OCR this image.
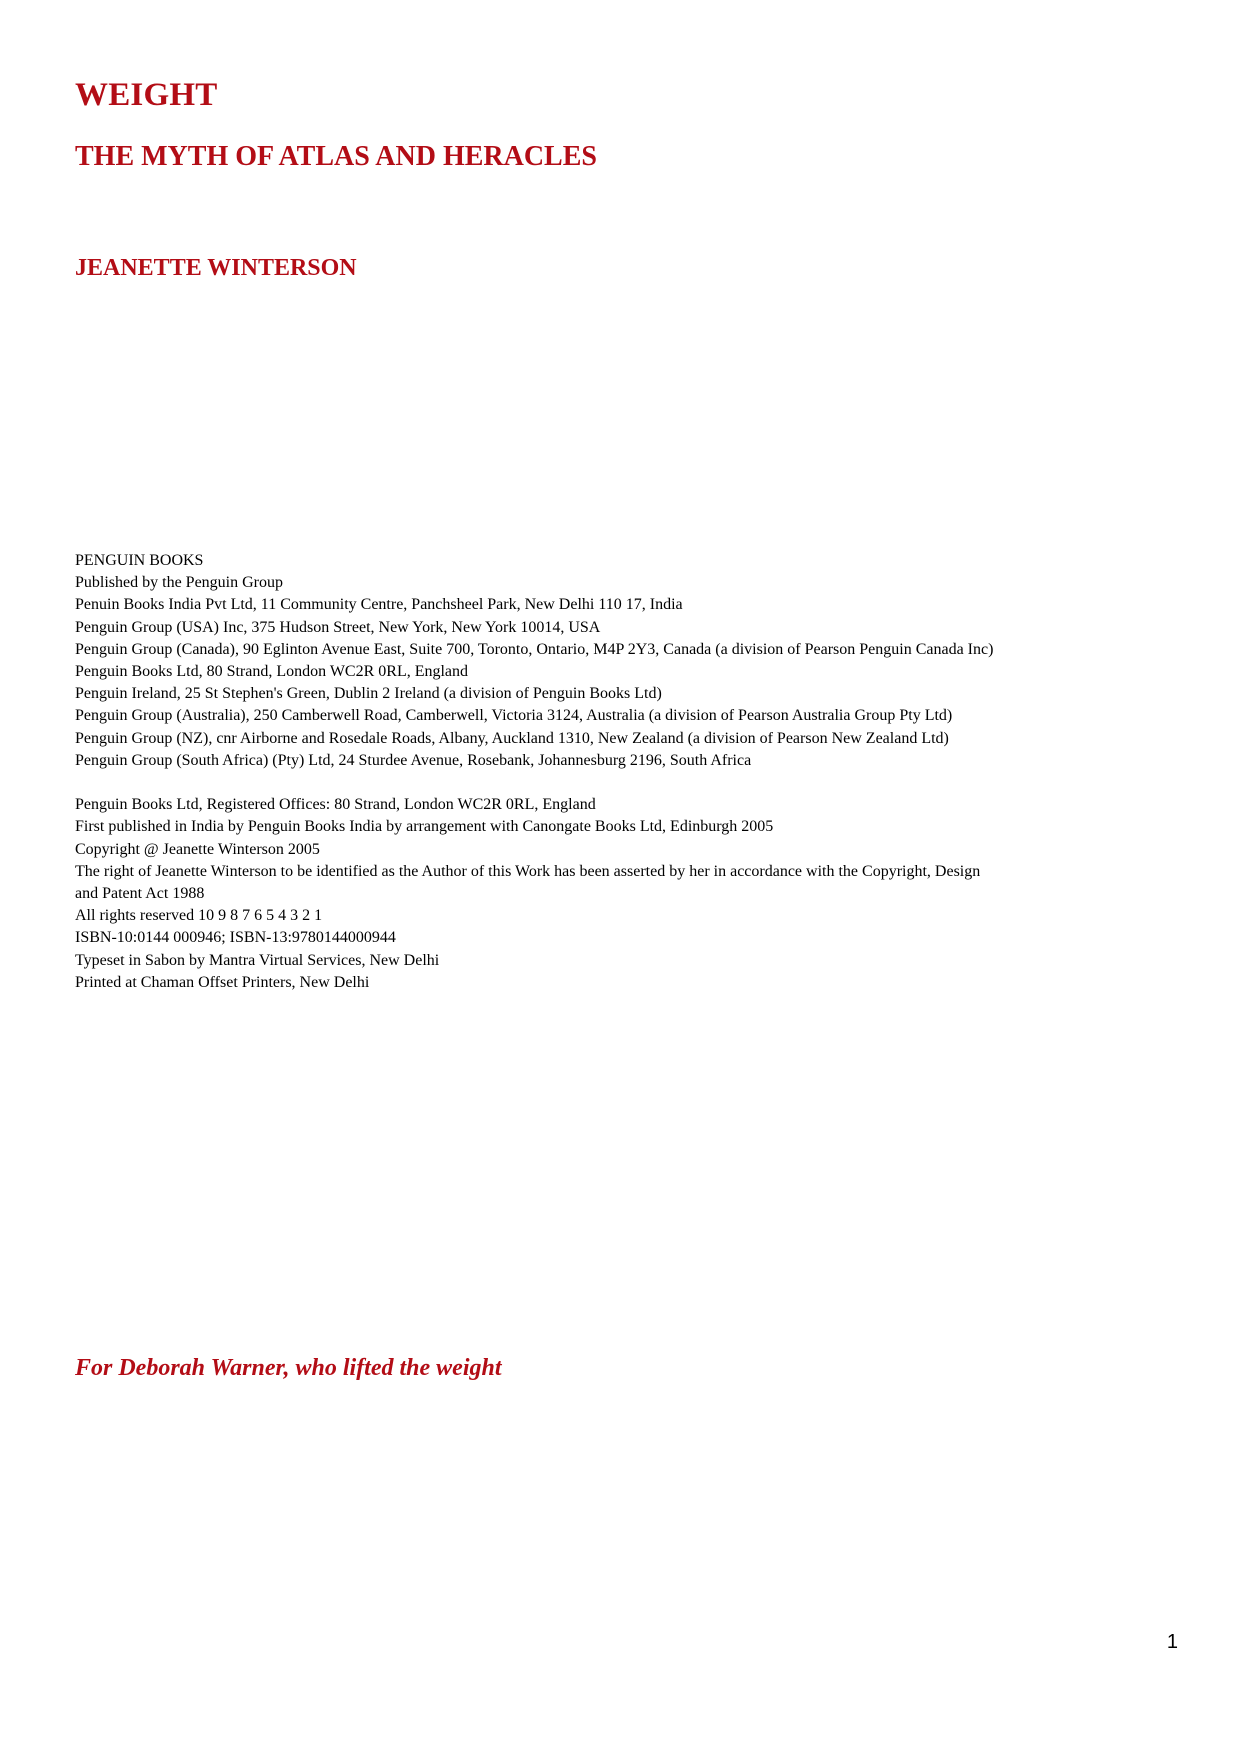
WEIGHT
THE MYTH OF ATLAS AND HERACLES
JEANETTE WINTERSON
PENGUIN BOOKS
Published by the Penguin Group
Penuin Books India Pvt Ltd, 11 Community Centre, Panchsheel Park, New Delhi 110 17, India
Penguin Group (USA) Inc, 375 Hudson Street, New York, New York 10014, USA
Penguin Group (Canada), 90 Eglinton Avenue East, Suite 700, Toronto, Ontario, M4P 2Y3, Canada (a division of Pearson Penguin Canada Inc)
Penguin Books Ltd, 80 Strand, London WC2R 0RL, England
Penguin Ireland, 25 St Stephen's Green, Dublin 2 Ireland (a division of Penguin Books Ltd)
Penguin Group (Australia), 250 Camberwell Road, Camberwell, Victoria 3124, Australia (a division of Pearson Australia Group Pty Ltd)
Penguin Group (NZ), cnr Airborne and Rosedale Roads, Albany, Auckland 1310, New Zealand (a division of Pearson New Zealand Ltd)
Penguin Group (South Africa) (Pty) Ltd, 24 Sturdee Avenue, Rosebank, Johannesburg 2196, South Africa
Penguin Books Ltd, Registered Offices: 80 Strand, London WC2R 0RL, England
First published in India by Penguin Books India by arrangement with Canongate Books Ltd, Edinburgh 2005
Copyright @ Jeanette Winterson 2005
The right of Jeanette Winterson to be identified as the Author of this Work has been asserted by her in accordance with the Copyright, Design
and Patent Act 1988
All rights reserved 10 9 8 7 6 5 4 3 2 1
ISBN-10:0144 000946; ISBN-13:9780144000944
Typeset in Sabon by Mantra Virtual Services, New Delhi
Printed at Chaman Offset Printers, New Delhi

For Deborah Warner, who lifted the weight

1
